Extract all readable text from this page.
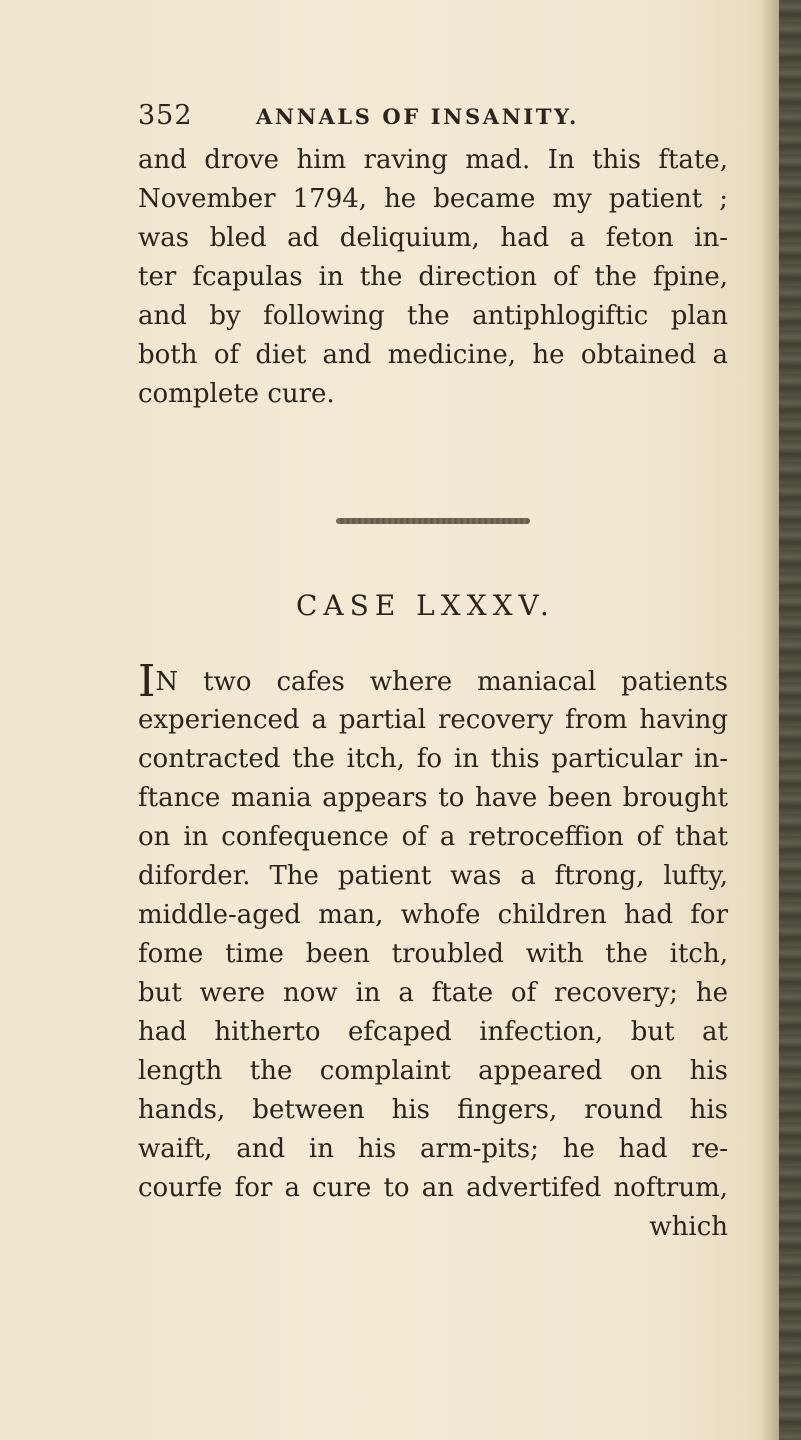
352	ANNALS OF INSANITY.
and drove him raving mad. In this ftate,
November 1794, he became my patient ;
was bled ad deliquium, had a feton in-
ter fcapulas in the direction of the fpine,
and by following the antiphlogiftic plan
both of diet and medicine, he obtained a
complete cure.
CASE LXXXV.
IN two cafes where maniacal patients
experienced a partial recovery from having
contracted the itch, fo in this particular in-
ftance mania appears to have been brought
on in confequence of a retroceffion of that
diforder. The patient was a ftrong, lufty,
middle-aged man, whofe children had for
fome time been troubled with the itch,
but were now in a ftate of recovery; he
had hitherto efcaped infection, but at
length the complaint appeared on his
hands, between his fingers, round his
waift, and in his arm-pits; he had re-
courfe for a cure to an advertifed noftrum,
which
